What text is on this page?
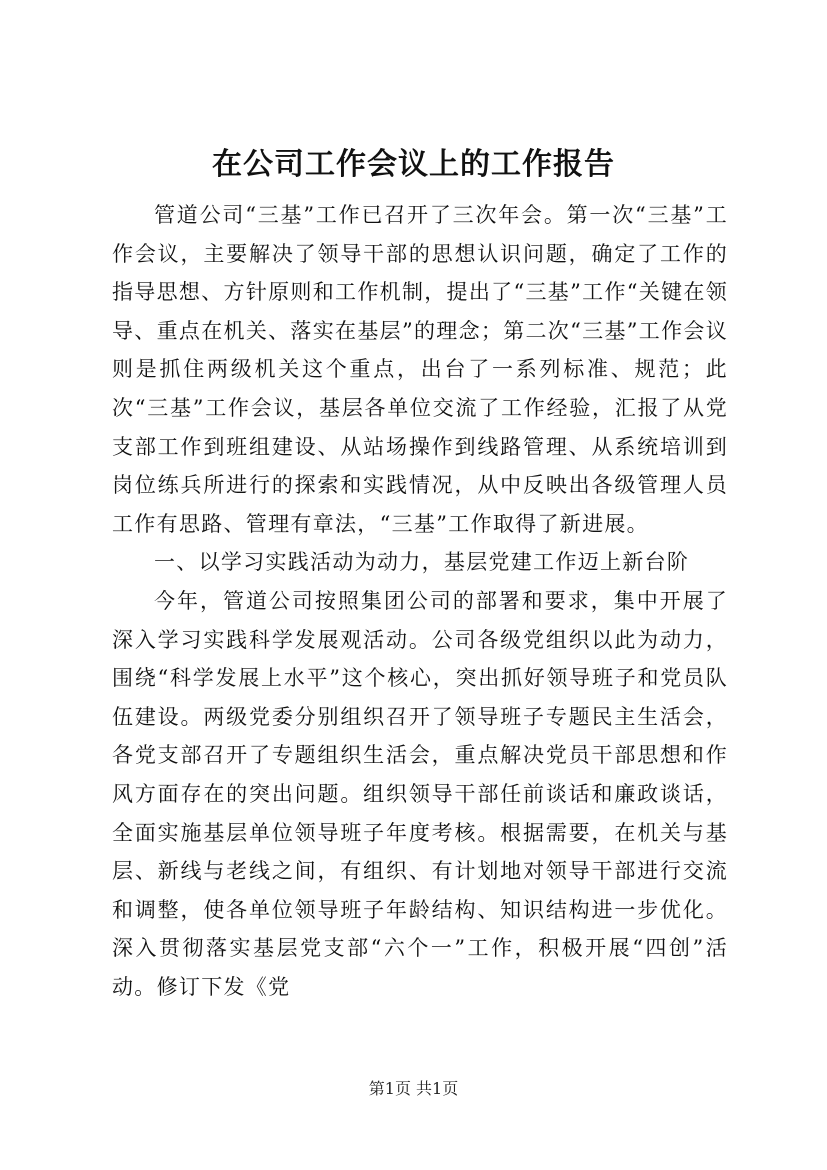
在公司工作会议上的工作报告

管道公司“三基”工作已召开了三次年会。第一次“三基”工作会议，主要解决了领导干部的思想认识问题，确定了工作的指导思想、方针原则和工作机制，提出了“三基”工作“关键在领导、重点在机关、落实在基层”的理念；第二次“三基”工作会议则是抓住两级机关这个重点，出台了一系列标准、规范；此次“三基”工作会议，基层各单位交流了工作经验，汇报了从党支部工作到班组建设、从站场操作到线路管理、从系统培训到岗位练兵所进行的探索和实践情况，从中反映出各级管理人员工作有思路、管理有章法，“三基”工作取得了新进展。

一、以学习实践活动为动力，基层党建工作迈上新台阶

今年，管道公司按照集团公司的部署和要求，集中开展了深入学习实践科学发展观活动。公司各级党组织以此为动力，围绕“科学发展上水平”这个核心，突出抓好领导班子和党员队伍建设。两级党委分别组织召开了领导班子专题民主生活会，各党支部召开了专题组织生活会，重点解决党员干部思想和作风方面存在的突出问题。组织领导干部任前谈话和廉政谈话，全面实施基层单位领导班子年度考核。根据需要，在机关与基层、新线与老线之间，有组织、有计划地对领导干部进行交流和调整，使各单位领导班子年龄结构、知识结构进一步优化。深入贯彻落实基层党支部“六个一”工作，积极开展“四创”活动。修订下发《党

第1页 共1页
